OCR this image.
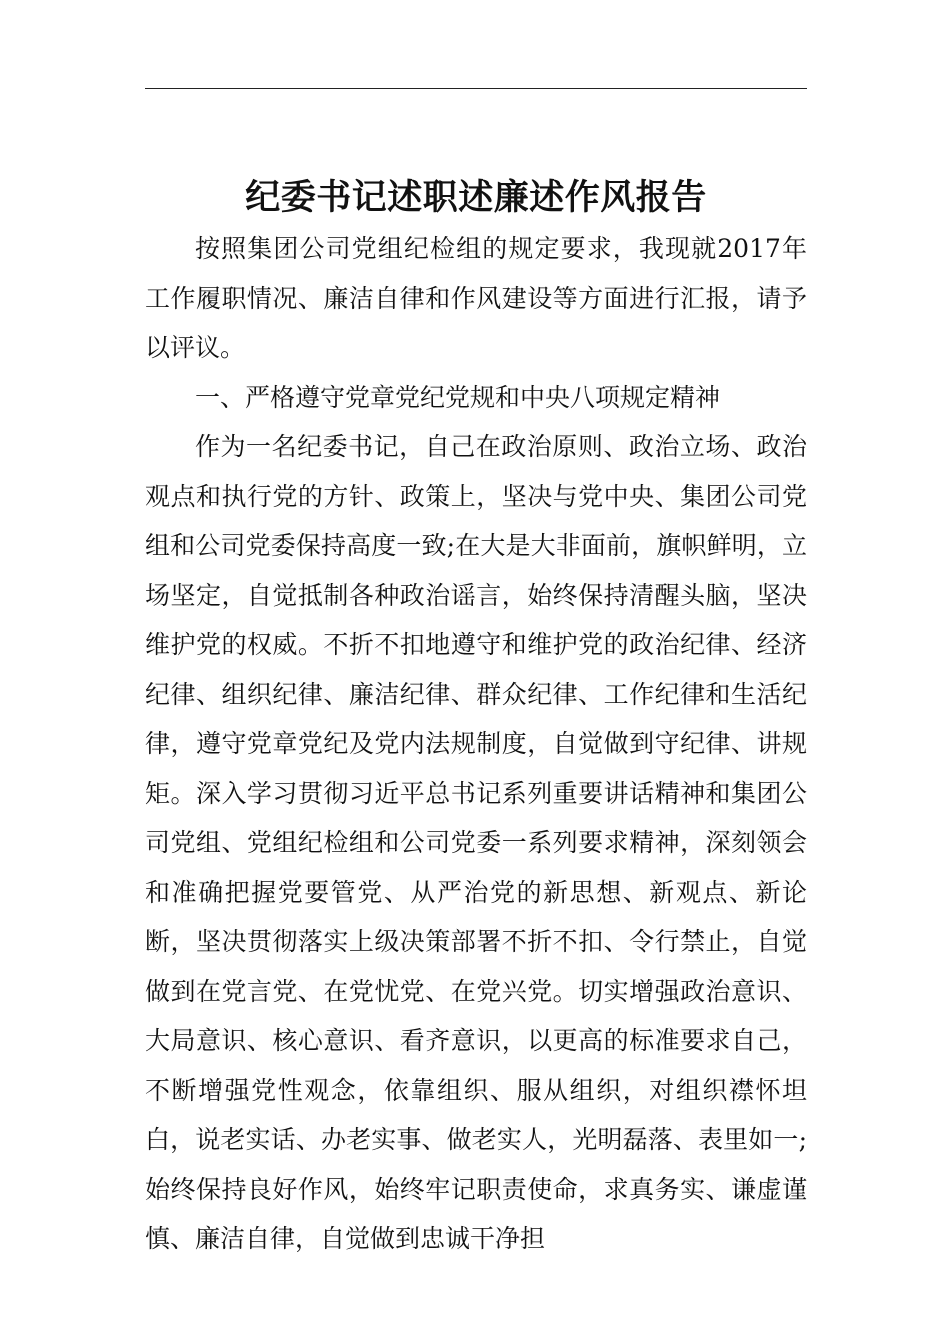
纪委书记述职述廉述作风报告

按照集团公司党组纪检组的规定要求，我现就2017年工作履职情况、廉洁自律和作风建设等方面进行汇报，请予以评议。

一、严格遵守党章党纪党规和中央八项规定精神

作为一名纪委书记，自己在政治原则、政治立场、政治观点和执行党的方针、政策上，坚决与党中央、集团公司党组和公司党委保持高度一致;在大是大非面前，旗帜鲜明，立场坚定，自觉抵制各种政治谣言，始终保持清醒头脑，坚决维护党的权威。不折不扣地遵守和维护党的政治纪律、经济纪律、组织纪律、廉洁纪律、群众纪律、工作纪律和生活纪律，遵守党章党纪及党内法规制度，自觉做到守纪律、讲规矩。深入学习贯彻习近平总书记系列重要讲话精神和集团公司党组、党组纪检组和公司党委一系列要求精神，深刻领会和准确把握党要管党、从严治党的新思想、新观点、新论断，坚决贯彻落实上级决策部署不折不扣、令行禁止，自觉做到在党言党、在党忧党、在党兴党。切实增强政治意识、大局意识、核心意识、看齐意识，以更高的标准要求自己，不断增强党性观念，依靠组织、服从组织，对组织襟怀坦白，说老实话、办老实事、做老实人，光明磊落、表里如一;始终保持良好作风，始终牢记职责使命，求真务实、谦虚谨慎、廉洁自律，自觉做到忠诚干净担
